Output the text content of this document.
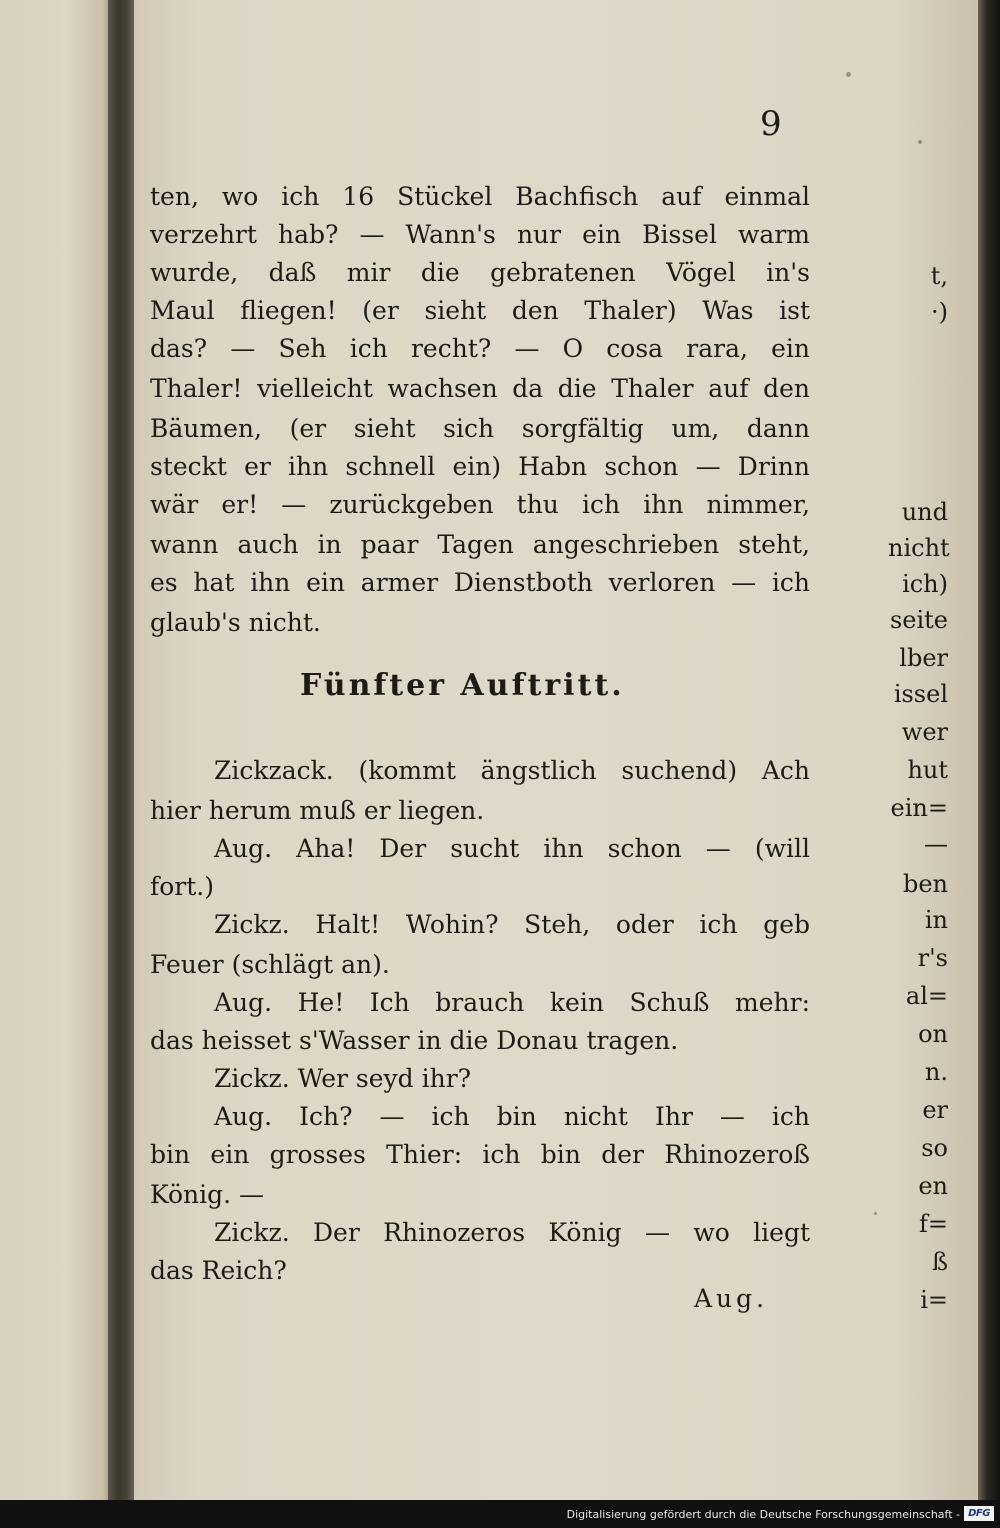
t,
·)
und
nicht
ich)
seite
lber
issel
wer
hut
ein=
—
ben
in
r's
al=
on
n.
er
so
en
f=
ß
i=
9
ten, wo ich 16 Stückel Bachfisch auf einmal
verzehrt hab? — Wann's nur ein Bissel warm
wurde, daß mir die gebratenen Vögel in's
Maul fliegen! (er sieht den Thaler) Was ist
das? — Seh ich recht? — O cosa rara, ein
Thaler! vielleicht wachsen da die Thaler auf den
Bäumen, (er sieht sich sorgfältig um, dann
steckt er ihn schnell ein) Habn schon — Drinn
wär er! — zurückgeben thu ich ihn nimmer,
wann auch in paar Tagen angeschrieben steht,
es hat ihn ein armer Dienstboth verloren — ich
glaub's nicht.
Fünfter Auftritt.
Zickzack. (kommt ängstlich suchend) Ach
hier herum muß er liegen.
Aug. Aha! Der sucht ihn schon — (will
fort.)
Zickz. Halt! Wohin? Steh, oder ich geb
Feuer (schlägt an).
Aug. He! Ich brauch kein Schuß mehr:
das heisset s'Wasser in die Donau tragen.
Zickz. Wer seyd ihr?
Aug. Ich? — ich bin nicht Ihr — ich
bin ein grosses Thier: ich bin der Rhinozeroß
König. —
Zickz. Der Rhinozeros König — wo liegt
das Reich?
Aug.
Digitalisierung gefördert durch die Deutsche Forschungsgemeinschaft - DFG
